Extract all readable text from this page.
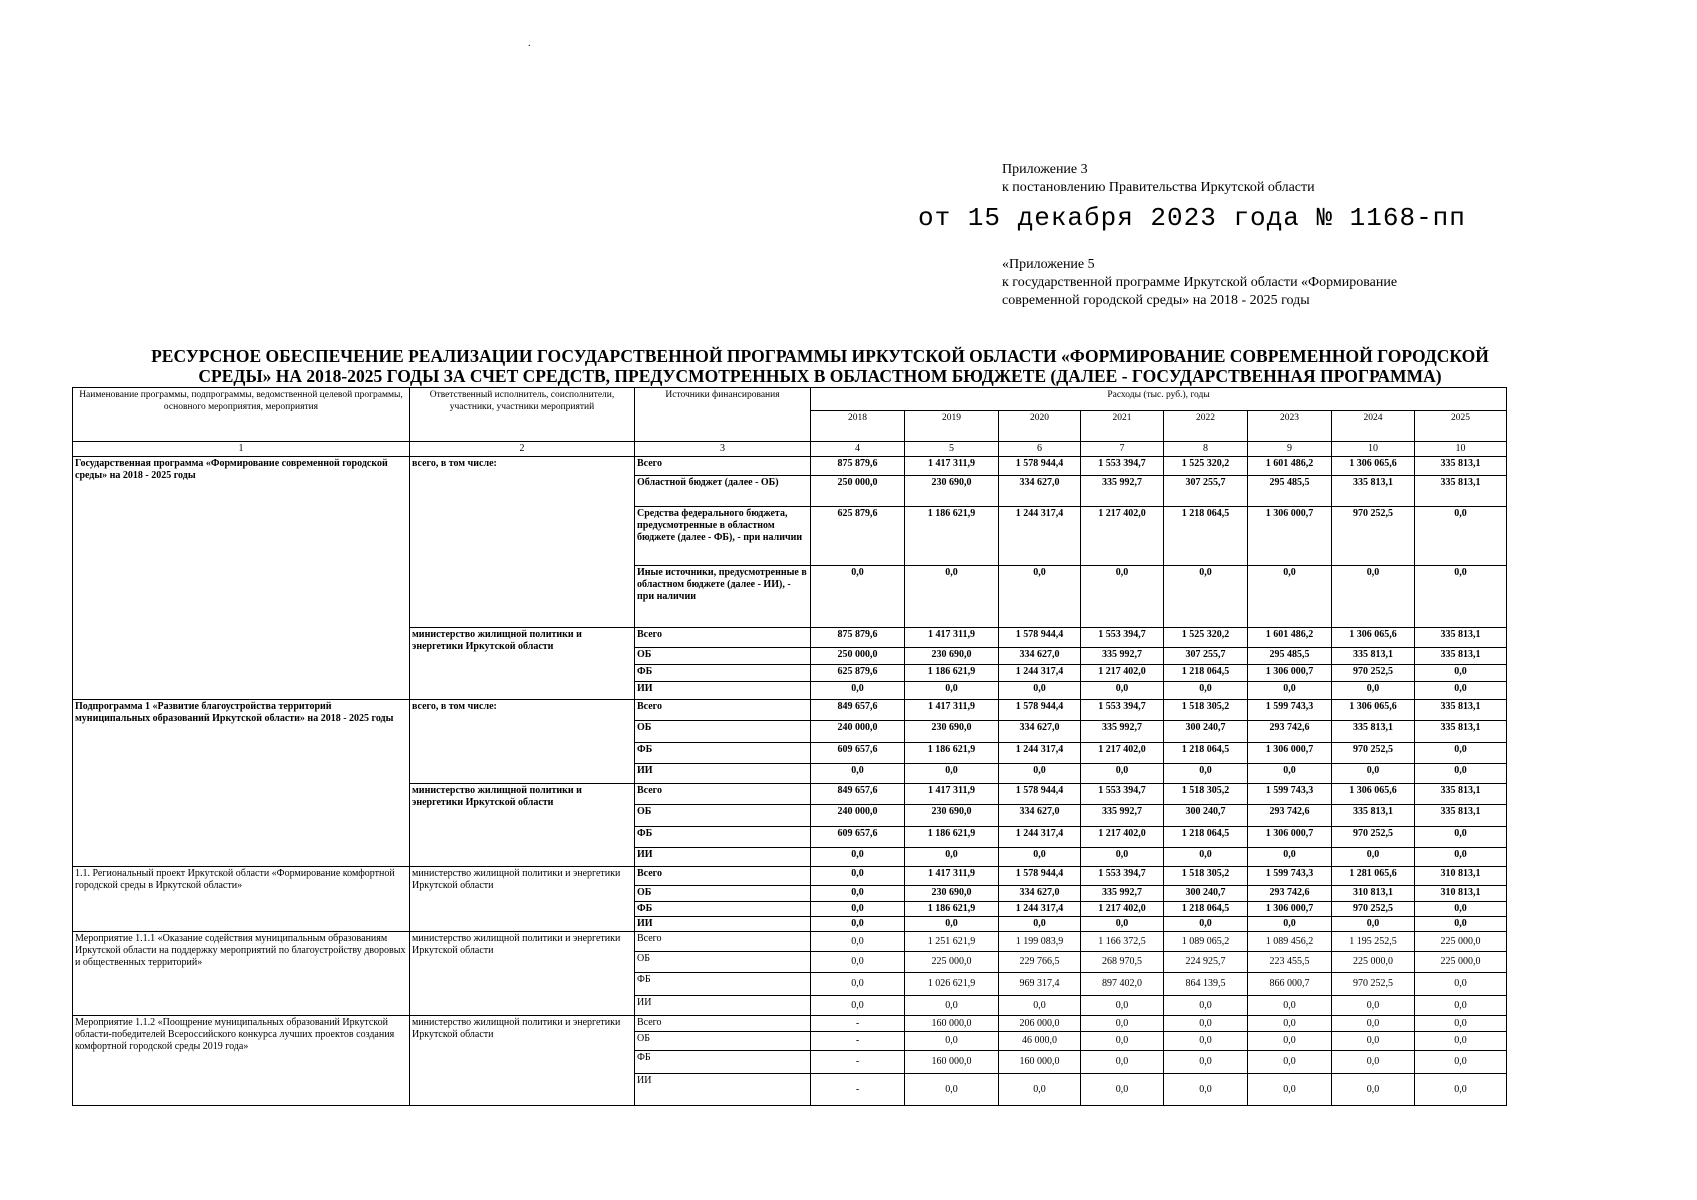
.
Приложение 3
к постановлению Правительства Иркутской области
от 15 декабря 2023 года № 1168-пп
«Приложение 5
к государственной программе Иркутской области «Формирование
современной городской среды» на 2018 - 2025 годы
РЕСУРСНОЕ ОБЕСПЕЧЕНИЕ РЕАЛИЗАЦИИ ГОСУДАРСТВЕННОЙ ПРОГРАММЫ ИРКУТСКОЙ ОБЛАСТИ «ФОРМИРОВАНИЕ СОВРЕМЕННОЙ ГОРОДСКОЙ
СРЕДЫ» НА 2018-2025 ГОДЫ ЗА СЧЕТ СРЕДСТВ, ПРЕДУСМОТРЕННЫХ В ОБЛАСТНОМ БЮДЖЕТЕ (ДАЛЕЕ - ГОСУДАРСТВЕННАЯ ПРОГРАММА)
Наименование программы, подпрограммы, ведомственной целевой программы, основного мероприятия, мероприятия	Ответственный исполнитель, соисполнители, участники, участники мероприятий	Источники финансирования	Расходы (тыс. руб.), годы							
			2018	2019	2020	2021	2022	2023	2024	2025
1	2	3	4	5	6	7	8	9	10	10
Государственная программа «Формирование современной городской среды» на 2018 - 2025 годы	всего, в том числе:	Всего	875 879,6	1 417 311,9	1 578 944,4	1 553 394,7	1 525 320,2	1 601 486,2	1 306 065,6	335 813,1
		Областной бюджет (далее - ОБ)	250 000,0	230 690,0	334 627,0	335 992,7	307 255,7	295 485,5	335 813,1	335 813,1
		Средства федерального бюджета, предусмотренные в областном бюджете (далее - ФБ), - при наличии	625 879,6	1 186 621,9	1 244 317,4	1 217 402,0	1 218 064,5	1 306 000,7	970 252,5	0,0
		Иные источники, предусмотренные в областном бюджете (далее - ИИ), - при наличии	0,0	0,0	0,0	0,0	0,0	0,0	0,0	0,0
	министерство жилищной политики и энергетики Иркутской области	Всего	875 879,6	1 417 311,9	1 578 944,4	1 553 394,7	1 525 320,2	1 601 486,2	1 306 065,6	335 813,1
		ОБ	250 000,0	230 690,0	334 627,0	335 992,7	307 255,7	295 485,5	335 813,1	335 813,1
		ФБ	625 879,6	1 186 621,9	1 244 317,4	1 217 402,0	1 218 064,5	1 306 000,7	970 252,5	0,0
		ИИ	0,0	0,0	0,0	0,0	0,0	0,0	0,0	0,0
Подпрограмма 1 «Развитие благоустройства территорий муниципальных образований Иркутской области» на 2018 - 2025 годы	всего, в том числе:	Всего	849 657,6	1 417 311,9	1 578 944,4	1 553 394,7	1 518 305,2	1 599 743,3	1 306 065,6	335 813,1
		ОБ	240 000,0	230 690,0	334 627,0	335 992,7	300 240,7	293 742,6	335 813,1	335 813,1
		ФБ	609 657,6	1 186 621,9	1 244 317,4	1 217 402,0	1 218 064,5	1 306 000,7	970 252,5	0,0
		ИИ	0,0	0,0	0,0	0,0	0,0	0,0	0,0	0,0
	министерство жилищной политики и энергетики Иркутской области	Всего	849 657,6	1 417 311,9	1 578 944,4	1 553 394,7	1 518 305,2	1 599 743,3	1 306 065,6	335 813,1
		ОБ	240 000,0	230 690,0	334 627,0	335 992,7	300 240,7	293 742,6	335 813,1	335 813,1
		ФБ	609 657,6	1 186 621,9	1 244 317,4	1 217 402,0	1 218 064,5	1 306 000,7	970 252,5	0,0
		ИИ	0,0	0,0	0,0	0,0	0,0	0,0	0,0	0,0
1.1. Региональный проект Иркутской области «Формирование комфортной городской среды в Иркутской области»	министерство жилищной политики и энергетики Иркутской области	Всего	0,0	1 417 311,9	1 578 944,4	1 553 394,7	1 518 305,2	1 599 743,3	1 281 065,6	310 813,1
		ОБ	0,0	230 690,0	334 627,0	335 992,7	300 240,7	293 742,6	310 813,1	310 813,1
		ФБ	0,0	1 186 621,9	1 244 317,4	1 217 402,0	1 218 064,5	1 306 000,7	970 252,5	0,0
		ИИ	0,0	0,0	0,0	0,0	0,0	0,0	0,0	0,0
Мероприятие 1.1.1 «Оказание содействия муниципальным образованиям Иркутской области на поддержку мероприятий по благоустройству дворовых и общественных территорий»	министерство жилищной политики и энергетики Иркутской области	Всего	0,0	1 251 621,9	1 199 083,9	1 166 372,5	1 089 065,2	1 089 456,2	1 195 252,5	225 000,0
		ОБ	0,0	225 000,0	229 766,5	268 970,5	224 925,7	223 455,5	225 000,0	225 000,0
		ФБ	0,0	1 026 621,9	969 317,4	897 402,0	864 139,5	866 000,7	970 252,5	0,0
		ИИ	0,0	0,0	0,0	0,0	0,0	0,0	0,0	0,0
Мероприятие 1.1.2 «Поощрение муниципальных образований Иркутской области-победителей Всероссийского конкурса лучших проектов создания комфортной городской среды 2019 года»	министерство жилищной политики и энергетики Иркутской области	Всего	-	160 000,0	206 000,0	0,0	0,0	0,0	0,0	0,0
		ОБ	-	0,0	46 000,0	0,0	0,0	0,0	0,0	0,0
		ФБ	-	160 000,0	160 000,0	0,0	0,0	0,0	0,0	0,0
		ИИ	-	0,0	0,0	0,0	0,0	0,0	0,0	0,0
